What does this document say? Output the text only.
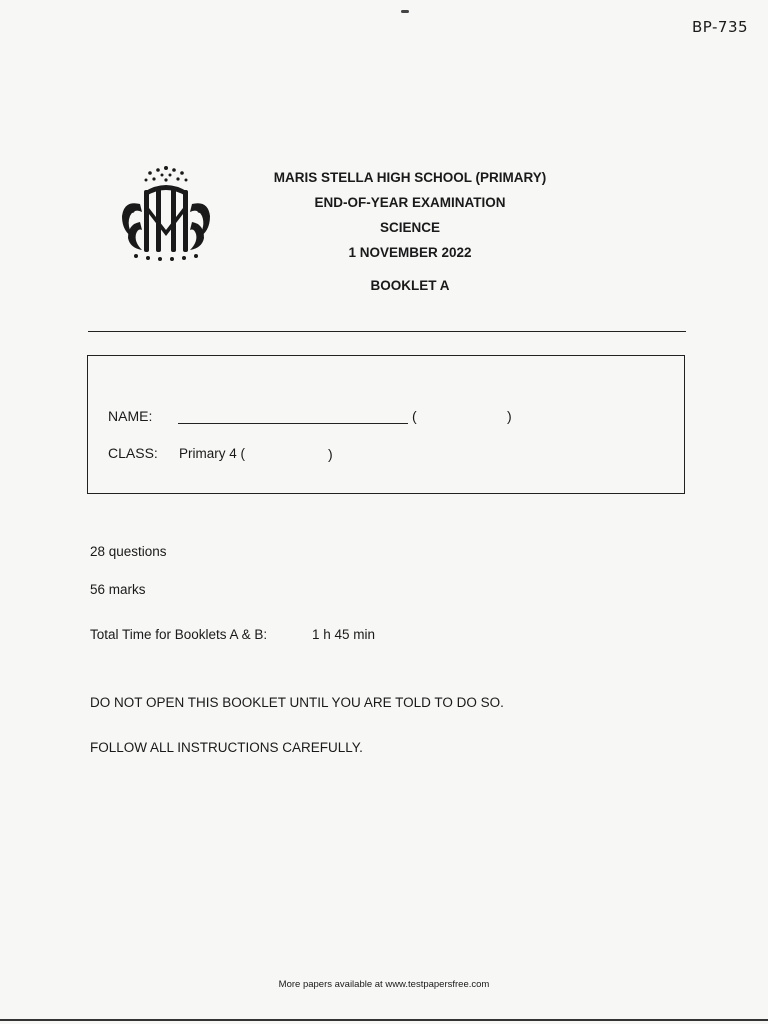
BP-735
MARIS STELLA HIGH SCHOOL (PRIMARY)
END-OF-YEAR EXAMINATION
SCIENCE
1 NOVEMBER 2022
BOOKLET A
NAME:	(	)
CLASS: Primary 4 (	)
28 questions
56 marks
Total Time for Booklets A & B:	1 h 45 min
DO NOT OPEN THIS BOOKLET UNTIL YOU ARE TOLD TO DO SO.
FOLLOW ALL INSTRUCTIONS CAREFULLY.
More papers available at www.testpapersfree.com
